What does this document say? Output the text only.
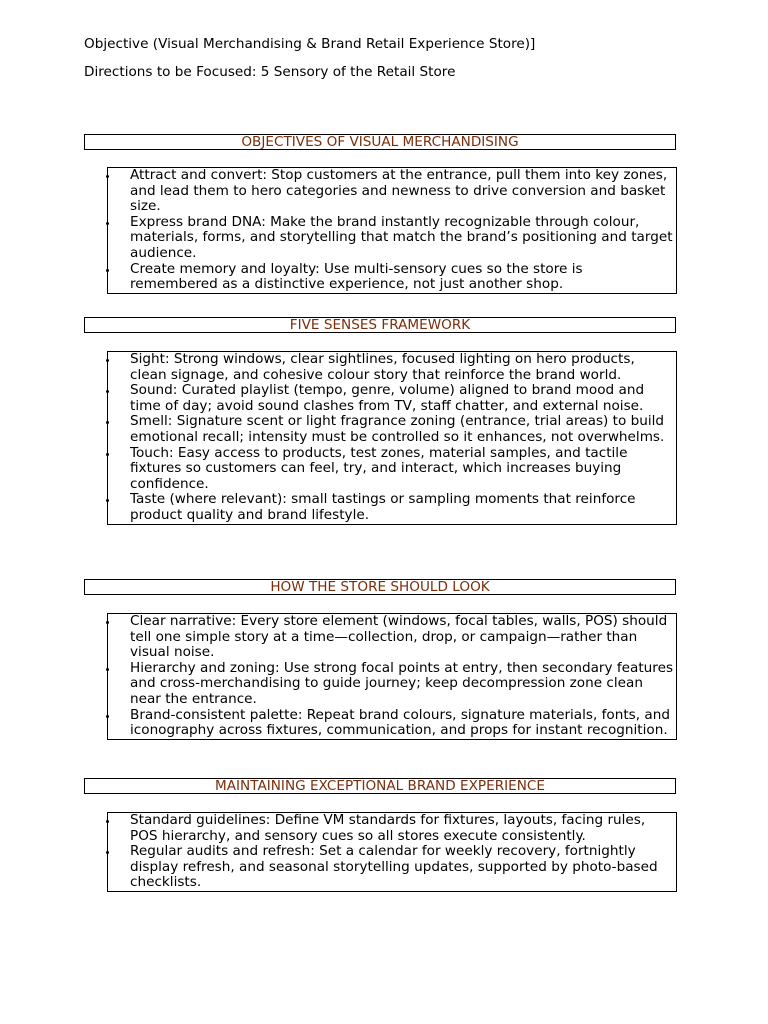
Objective (Visual Merchandising & Brand Retail Experience Store)]
Directions to be Focused: 5 Sensory of the Retail Store
OBJECTIVES OF VISUAL MERCHANDISING
Attract and convert: Stop customers at the entrance, pull them into key zones, and lead them to hero categories and newness to drive conversion and basket size.
Express brand DNA: Make the brand instantly recognizable through colour, materials, forms, and storytelling that match the brand’s positioning and target audience.
Create memory and loyalty: Use multi-sensory cues so the store is remembered as a distinctive experience, not just another shop.
FIVE SENSES FRAMEWORK
Sight: Strong windows, clear sightlines, focused lighting on hero products, clean signage, and cohesive colour story that reinforce the brand world.
Sound: Curated playlist (tempo, genre, volume) aligned to brand mood and time of day; avoid sound clashes from TV, staff chatter, and external noise.
Smell: Signature scent or light fragrance zoning (entrance, trial areas) to build emotional recall; intensity must be controlled so it enhances, not overwhelms.
Touch: Easy access to products, test zones, material samples, and tactile fixtures so customers can feel, try, and interact, which increases buying confidence.
Taste (where relevant): small tastings or sampling moments that reinforce product quality and brand lifestyle.
HOW THE STORE SHOULD LOOK
Clear narrative: Every store element (windows, focal tables, walls, POS) should tell one simple story at a time—collection, drop, or campaign—rather than visual noise.
Hierarchy and zoning: Use strong focal points at entry, then secondary features and cross-merchandising to guide journey; keep decompression zone clean near the entrance.
Brand-consistent palette: Repeat brand colours, signature materials, fonts, and iconography across fixtures, communication, and props for instant recognition.
MAINTAINING EXCEPTIONAL BRAND EXPERIENCE
Standard guidelines: Define VM standards for fixtures, layouts, facing rules, POS hierarchy, and sensory cues so all stores execute consistently.
Regular audits and refresh: Set a calendar for weekly recovery, fortnightly display refresh, and seasonal storytelling updates, supported by photo-based checklists.
